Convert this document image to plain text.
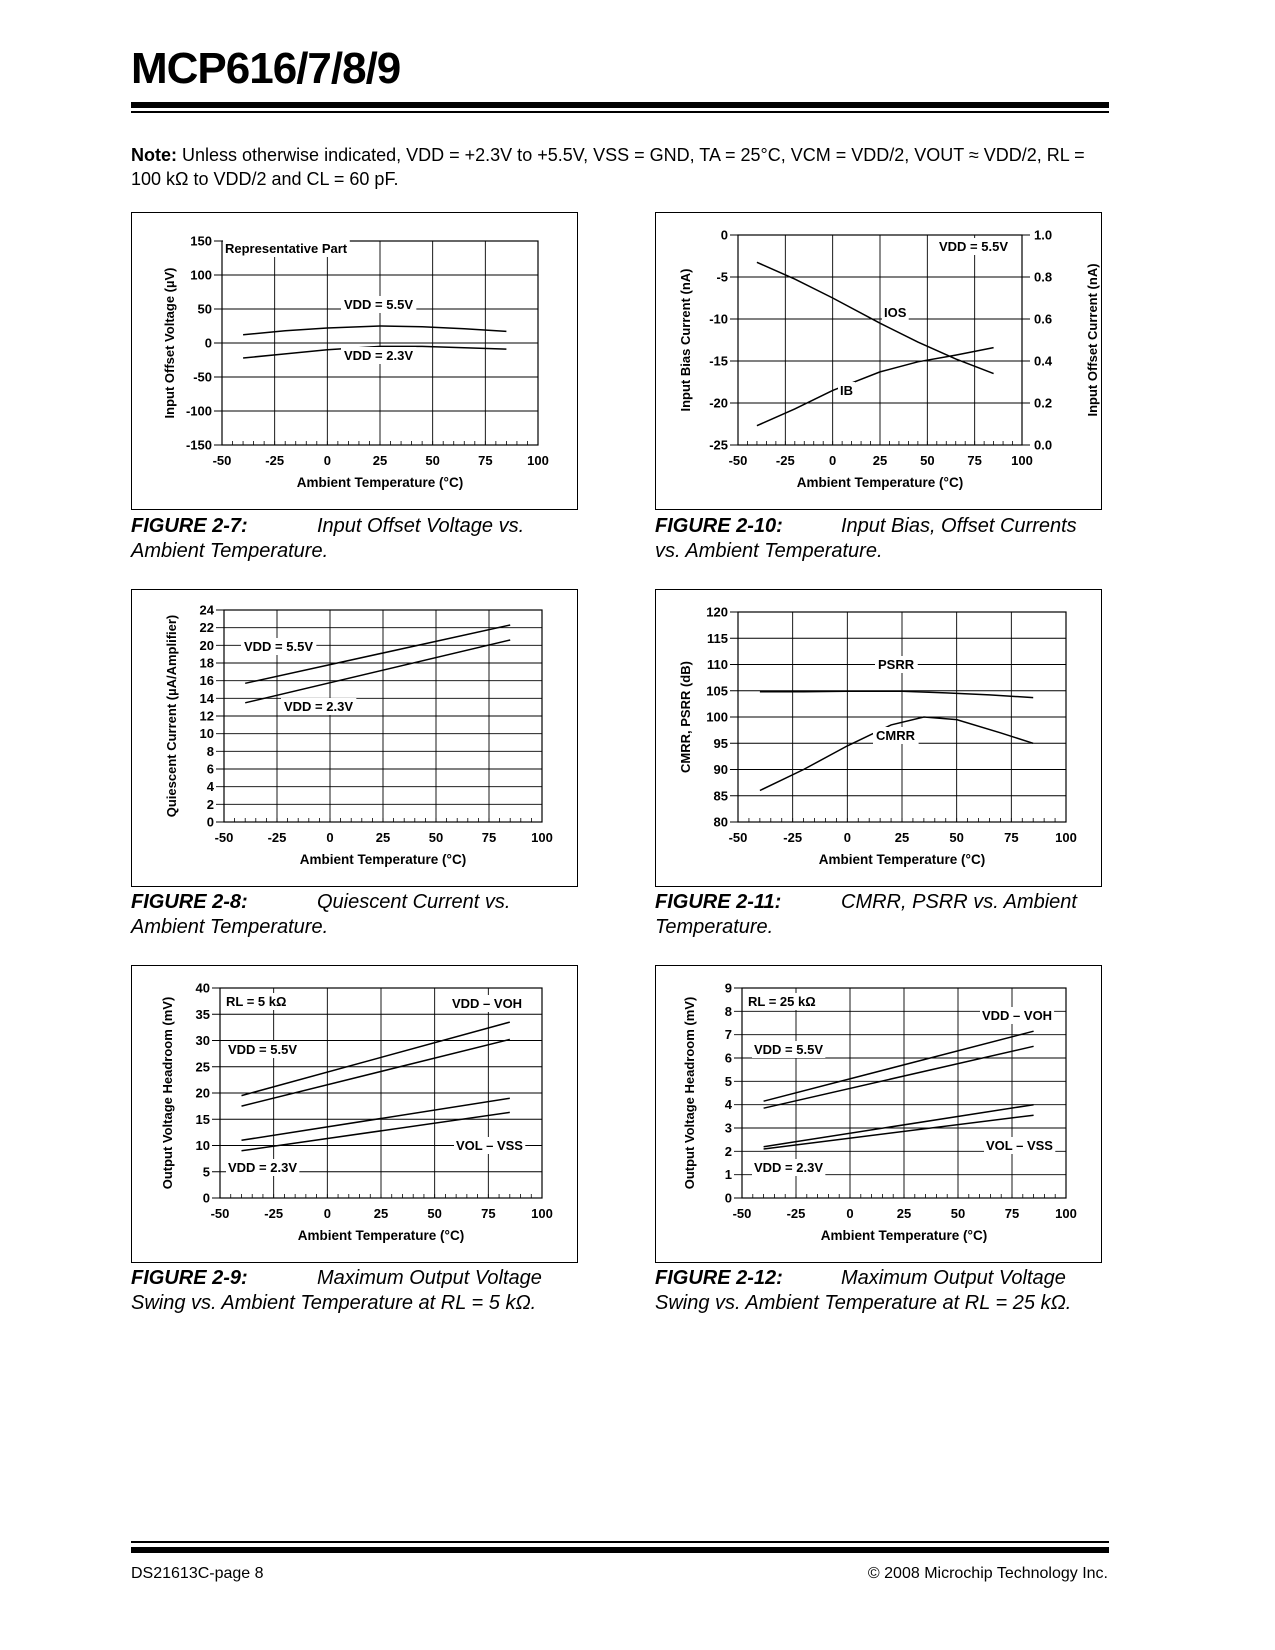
MCP616/7/8/9
Note: Unless otherwise indicated, VDD = +2.3V to +5.5V, VSS = GND, TA = 25°C, VCM = VDD/2, VOUT ≈ VDD/2, RL = 100 kΩ to VDD/2 and CL = 60 pF.
-50	-25	0	25	50	75	100
-150
-100
-50
0
50
100
150
Ambient Temperature (°C)
Input Offset Voltage (µV)
Representative Part
VDD = 5.5V
VDD = 2.3V
-50 -25	0	25	50	75 100
-25
-20
-15
-10
-5
0
0.0
0.2
0.4
0.6
0.8
1.0
Input Offset Current (nA)
Ambient Temperature (°C)
Input Bias Current (nA)
VDD = 5.5V
IOS
IB
-50	-25	0	25	50	75	100
0
2
4
6
8
10
12
14
16
18
20
22
24
Ambient Temperature (°C)
Quiescent Current (µA/Amplifier)	VDD = 5.5V
VDD = 2.3V
-50	-25	0	25	50	75	100
80
85
90
95
100
105
110
115
120
Ambient Temperature (°C)
CMRR, PSRR (dB)	PSRR
CMRR
-50	-25	0	25	50	75	100
0
5
10
15
20
25
30
35
40
Ambient Temperature (°C)
Output Voltage Headroom (mV)	RL = 5 kΩ	VDD – VOH
VOL – VSS
VDD = 5.5V
VDD = 2.3V
-50	-25	0	25	50	75	100
0
1
2
3
4
5
6
7
8
9
Ambient Temperature (°C)
Output Voltage Headroom (mV)	RL = 25 kΩ
VDD – VOH
VOL – VSS
VDD = 5.5V
VDD = 2.3V
FIGURE 2-7:	Input Offset Voltage vs. Ambient Temperature.
FIGURE 2-10:	Input Bias, Offset Currents vs. Ambient Temperature.
FIGURE 2-8:	Quiescent Current vs. Ambient Temperature.
FIGURE 2-11:	CMRR, PSRR vs. Ambient Temperature.
FIGURE 2-9:	Maximum Output Voltage Swing vs. Ambient Temperature at RL = 5 kΩ.
FIGURE 2-12:	Maximum Output Voltage Swing vs. Ambient Temperature at RL = 25 kΩ.
DS21613C-page 8	© 2008 Microchip Technology Inc.
